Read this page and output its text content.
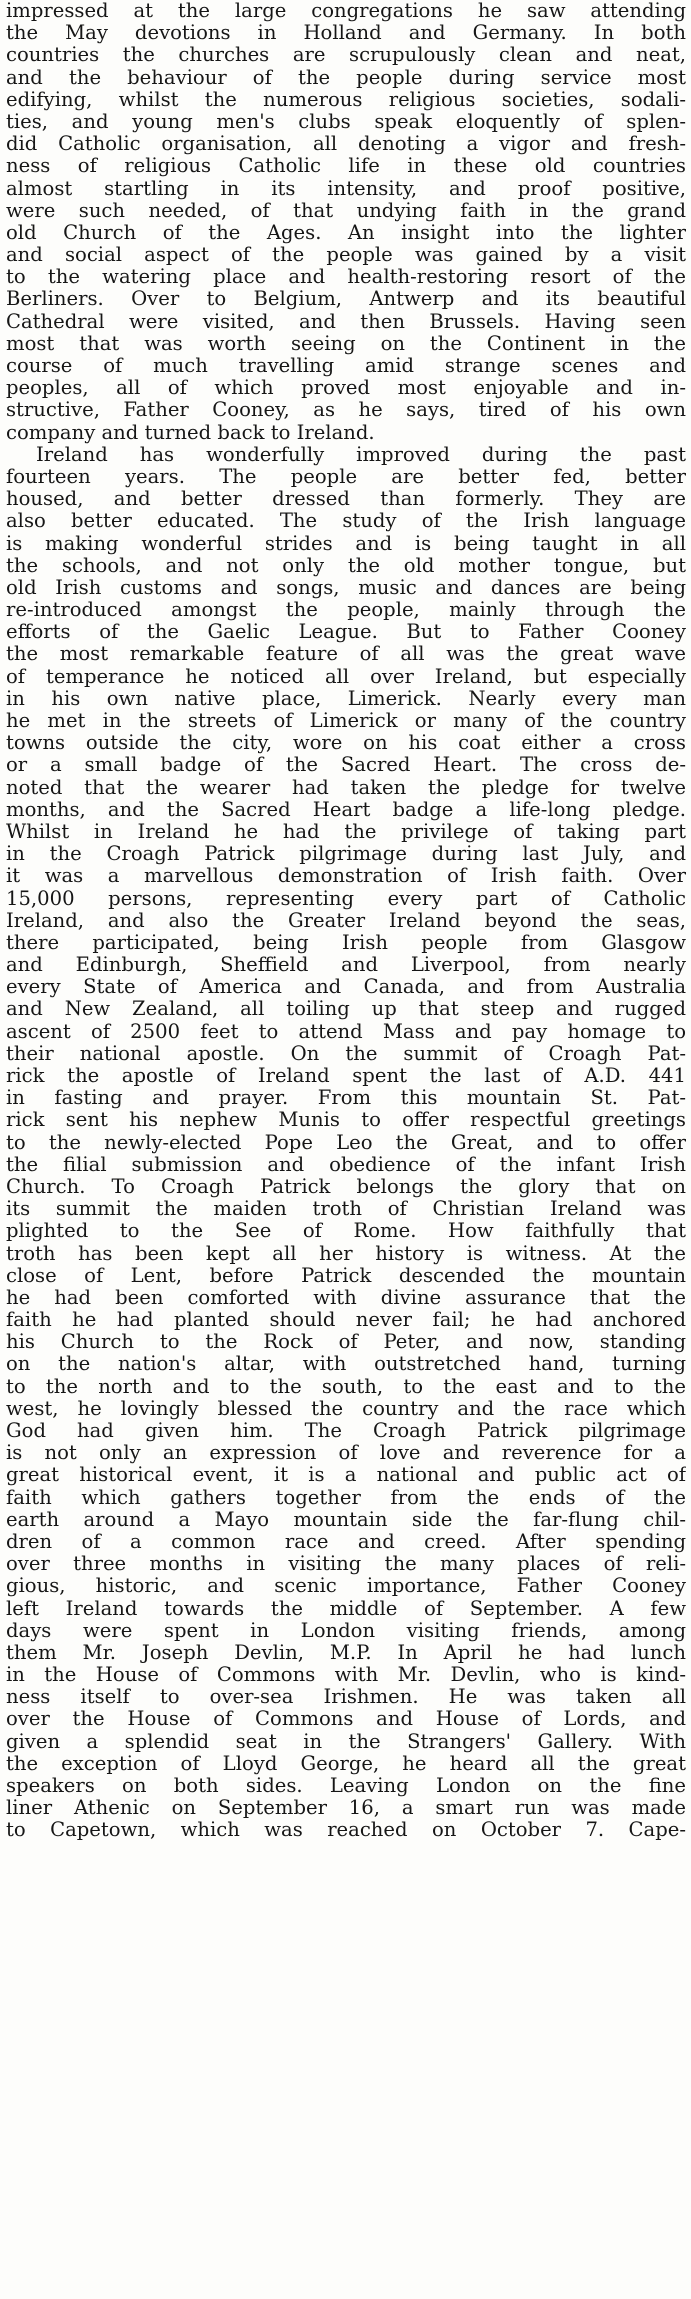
impressed at the large congregations he saw attending
the May devotions in Holland and Germany. In both
countries the churches are scrupulously clean and neat,
and the behaviour of the people during service most
edifying, whilst the numerous religious societies, sodali-
ties, and young men's clubs speak eloquently of splen-
did Catholic organisation, all denoting a vigor and fresh-
ness of religious Catholic life in these old countries
almost startling in its intensity, and proof positive,
were such needed, of that undying faith in the grand
old Church of the Ages. An insight into the lighter
and social aspect of the people was gained by a visit
to the watering place and health-restoring resort of the
Berliners. Over to Belgium, Antwerp and its beautiful
Cathedral were visited, and then Brussels. Having seen
most that was worth seeing on the Continent in the
course of much travelling amid strange scenes and
peoples, all of which proved most enjoyable and in-
structive, Father Cooney, as he says, tired of his own
company and turned back to Ireland.
Ireland has wonderfully improved during the past
fourteen years. The people are better fed, better
housed, and better dressed than formerly. They are
also better educated. The study of the Irish language
is making wonderful strides and is being taught in all
the schools, and not only the old mother tongue, but
old Irish customs and songs, music and dances are being
re-introduced amongst the people, mainly through the
efforts of the Gaelic League. But to Father Cooney
the most remarkable feature of all was the great wave
of temperance he noticed all over Ireland, but especially
in his own native place, Limerick. Nearly every man
he met in the streets of Limerick or many of the country
towns outside the city, wore on his coat either a cross
or a small badge of the Sacred Heart. The cross de-
noted that the wearer had taken the pledge for twelve
months, and the Sacred Heart badge a life-long pledge.
Whilst in Ireland he had the privilege of taking part
in the Croagh Patrick pilgrimage during last July, and
it was a marvellous demonstration of Irish faith. Over
15,000 persons, representing every part of Catholic
Ireland, and also the Greater Ireland beyond the seas,
there participated, being Irish people from Glasgow
and Edinburgh, Sheffield and Liverpool, from nearly
every State of America and Canada, and from Australia
and New Zealand, all toiling up that steep and rugged
ascent of 2500 feet to attend Mass and pay homage to
their national apostle. On the summit of Croagh Pat-
rick the apostle of Ireland spent the last of A.D. 441
in fasting and prayer. From this mountain St. Pat-
rick sent his nephew Munis to offer respectful greetings
to the newly-elected Pope Leo the Great, and to offer
the filial submission and obedience of the infant Irish
Church. To Croagh Patrick belongs the glory that on
its summit the maiden troth of Christian Ireland was
plighted to the See of Rome. How faithfully that
troth has been kept all her history is witness. At the
close of Lent, before Patrick descended the mountain
he had been comforted with divine assurance that the
faith he had planted should never fail; he had anchored
his Church to the Rock of Peter, and now, standing
on the nation's altar, with outstretched hand, turning
to the north and to the south, to the east and to the
west, he lovingly blessed the country and the race which
God had given him. The Croagh Patrick pilgrimage
is not only an expression of love and reverence for a
great historical event, it is a national and public act of
faith which gathers together from the ends of the
earth around a Mayo mountain side the far-flung chil-
dren of a common race and creed. After spending
over three months in visiting the many places of reli-
gious, historic, and scenic importance, Father Cooney
left Ireland towards the middle of September. A few
days were spent in London visiting friends, among
them Mr. Joseph Devlin, M.P. In April he had lunch
in the House of Commons with Mr. Devlin, who is kind-
ness itself to over-sea Irishmen. He was taken all
over the House of Commons and House of Lords, and
given a splendid seat in the Strangers' Gallery. With
the exception of Lloyd George, he heard all the great
speakers on both sides. Leaving London on the fine
liner Athenic on September 16, a smart run was made
to Capetown, which was reached on October 7. Cape-
